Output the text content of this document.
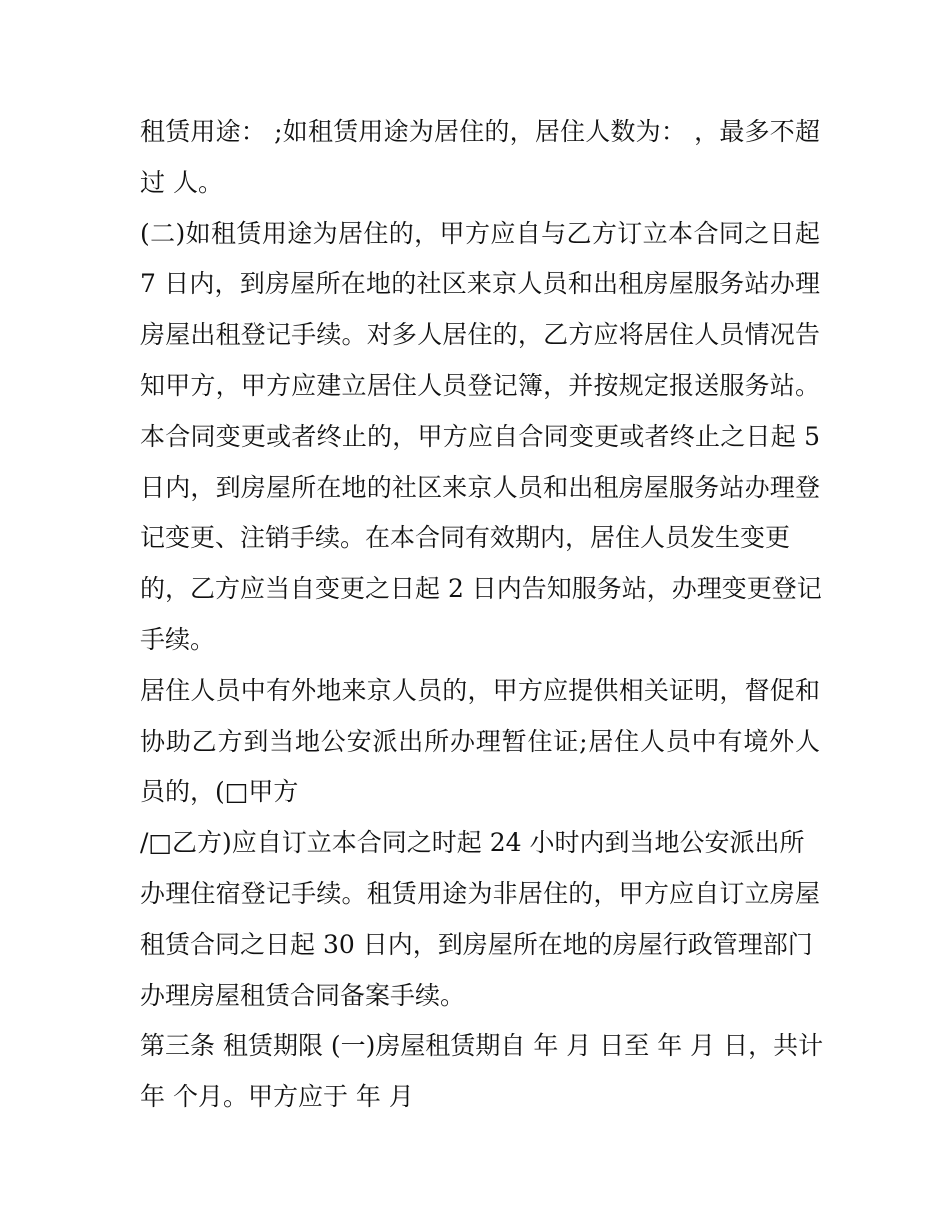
租赁用途： ;如租赁用途为居住的，居住人数为： ，最多不超
过 人。
(二)如租赁用途为居住的，甲方应自与乙方订立本合同之日起
7 日内，到房屋所在地的社区来京人员和出租房屋服务站办理
房屋出租登记手续。对多人居住的，乙方应将居住人员情况告
知甲方，甲方应建立居住人员登记簿，并按规定报送服务站。
本合同变更或者终止的，甲方应自合同变更或者终止之日起 5
日内，到房屋所在地的社区来京人员和出租房屋服务站办理登
记变更、注销手续。在本合同有效期内，居住人员发生变更
的，乙方应当自变更之日起 2 日内告知服务站，办理变更登记
手续。
居住人员中有外地来京人员的，甲方应提供相关证明，督促和
协助乙方到当地公安派出所办理暂住证;居住人员中有境外人
员的，(□甲方
/□乙方)应自订立本合同之时起 24 小时内到当地公安派出所
办理住宿登记手续。租赁用途为非居住的，甲方应自订立房屋
租赁合同之日起 30 日内，到房屋所在地的房屋行政管理部门
办理房屋租赁合同备案手续。
第三条 租赁期限 (一)房屋租赁期自 年 月 日至 年 月 日，共计
年 个月。甲方应于 年 月
